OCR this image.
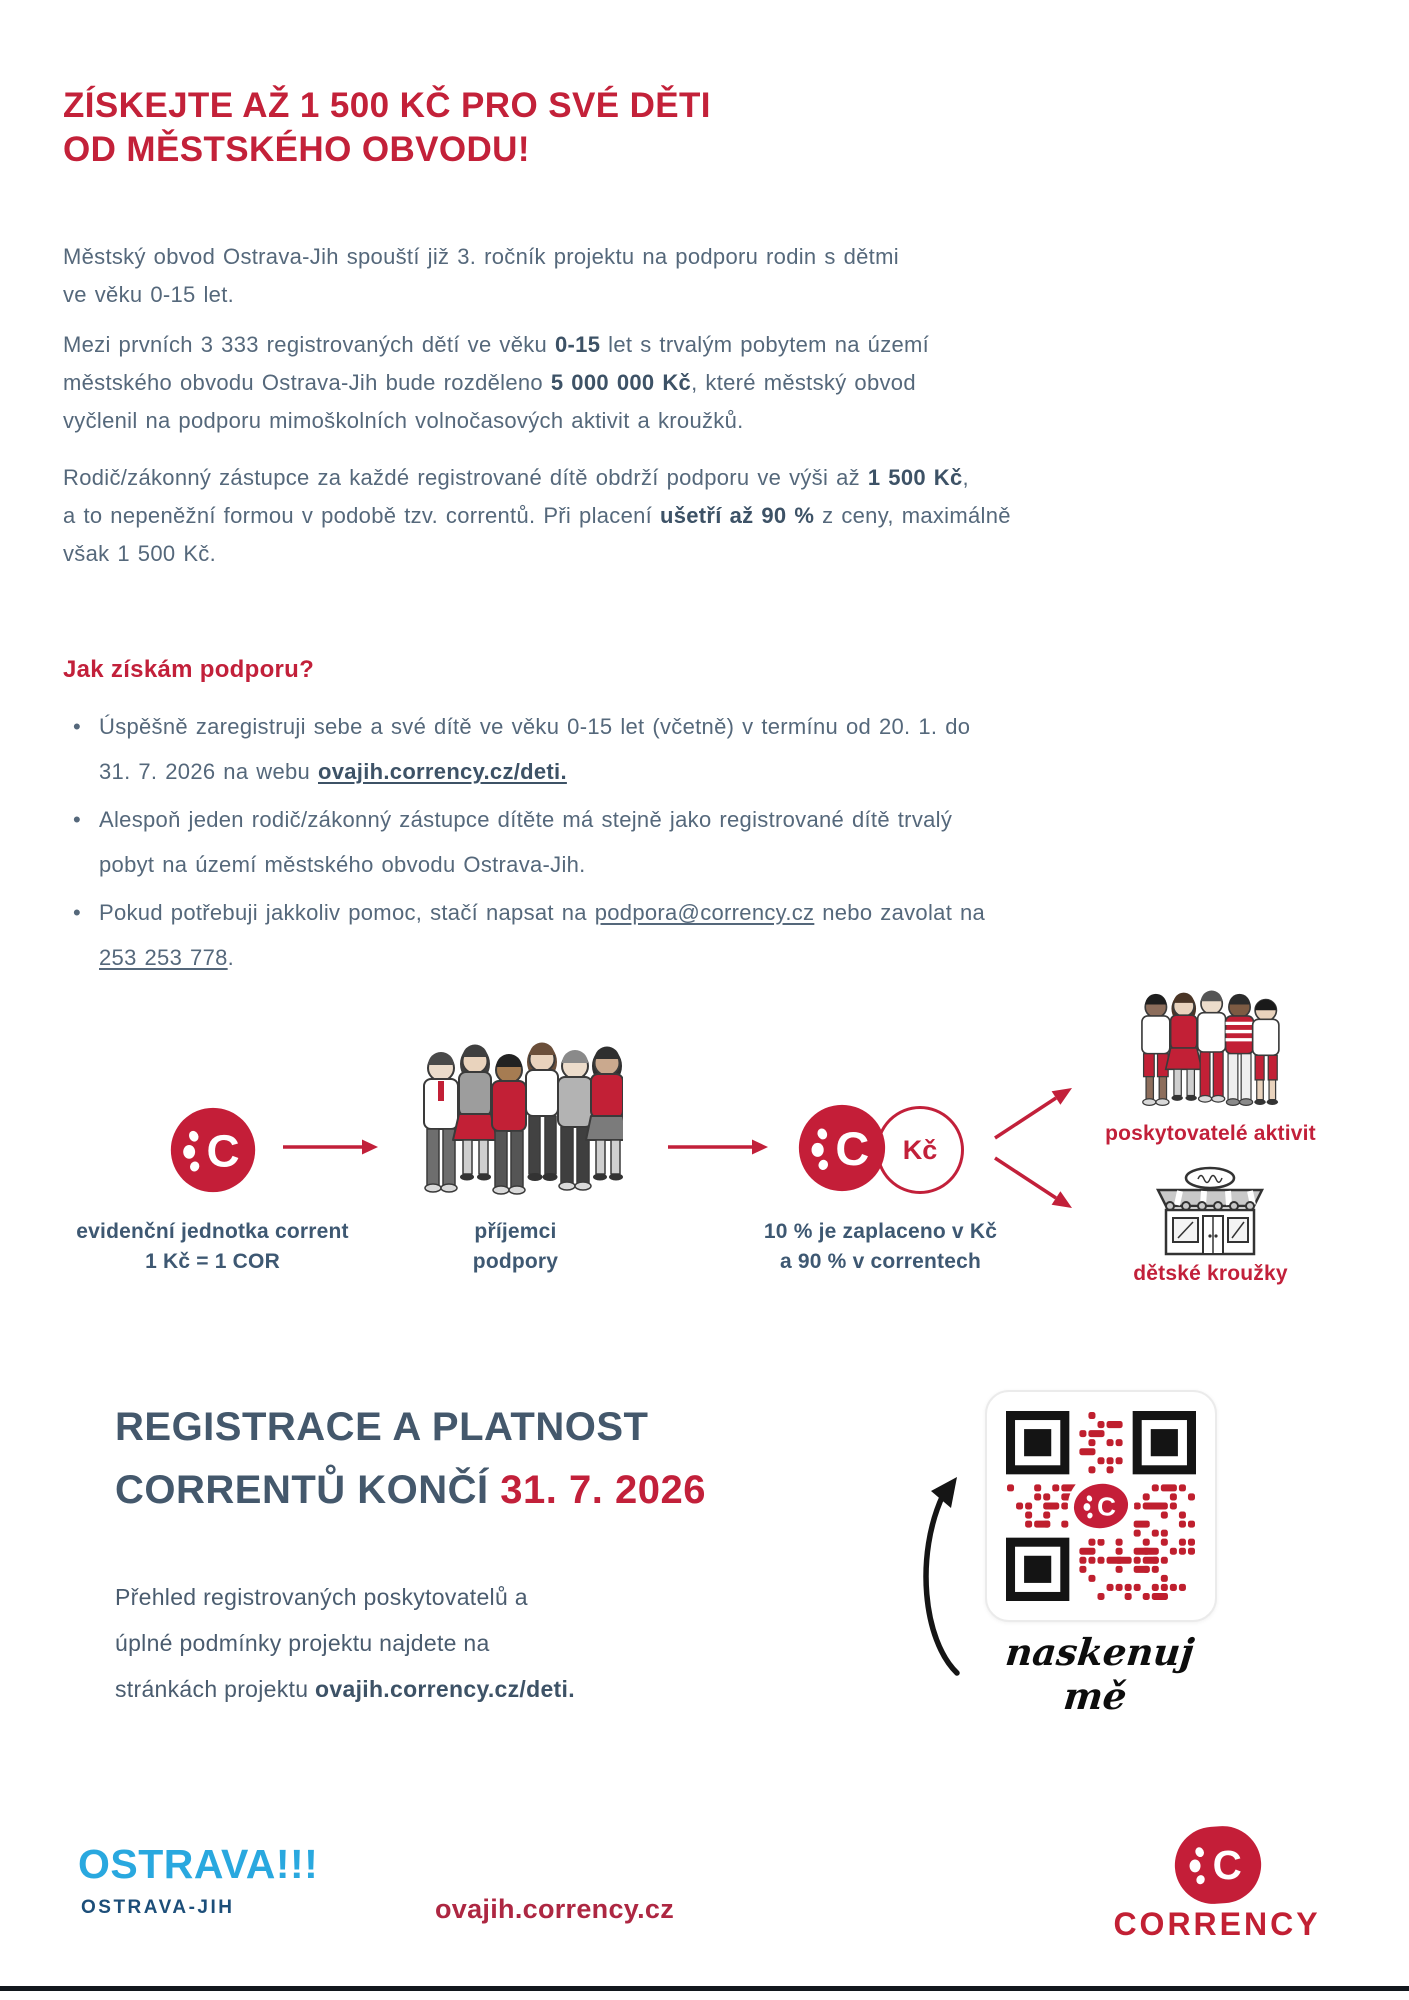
ZÍSKEJTE AŽ 1 500 KČ PRO SVÉ DĚTI
OD MĚSTSKÉHO OBVODU!
Městský obvod Ostrava-Jih spouští již 3. ročník projektu na podporu rodin s dětmi
ve věku 0-15 let.
Mezi prvních 3 333 registrovaných dětí ve věku 0-15 let s trvalým pobytem na území
městského obvodu Ostrava-Jih bude rozděleno 5 000 000 Kč, které městský obvod
vyčlenil na podporu mimoškolních volnočasových aktivit a kroužků.
Rodič/zákonný zástupce za každé registrované dítě obdrží podporu ve výši až 1 500 Kč,
a to nepeněžní formou v podobě tzv. correntů. Při placení ušetří až 90 % z ceny, maximálně
však 1 500 Kč.
Jak získám podporu?
• Úspěšně zaregistruji sebe a své dítě ve věku 0-15 let (včetně) v termínu od 20. 1. do
31. 7. 2026 na webu ovajih.corrency.cz/deti.
• Alespoň jeden rodič/zákonný zástupce dítěte má stejně jako registrované dítě trvalý
pobyt na území městského obvodu Ostrava-Jih.
• Pokud potřebuji jakkoliv pomoc, stačí napsat na podpora@corrency.cz nebo zavolat na
253 253 778.
C	Kč
C
evidenční jednotka corrent
1 Kč = 1 COR
příjemci
podpory
10 % je zaplaceno v Kč
a 90 % v correntech
poskytovatelé aktivit
dětské kroužky
REGISTRACE A PLATNOST
CORRENTŮ KONČÍ 31. 7. 2026
Přehled registrovaných poskytovatelů a
úplné podmínky projektu najdete na
stránkách projektu ovajih.corrency.cz/deti.
C
naskenuj mě
OSTRAVA!!!
OSTRAVA-JIH	ovajih.corrency.cz
C
CORRENCY
